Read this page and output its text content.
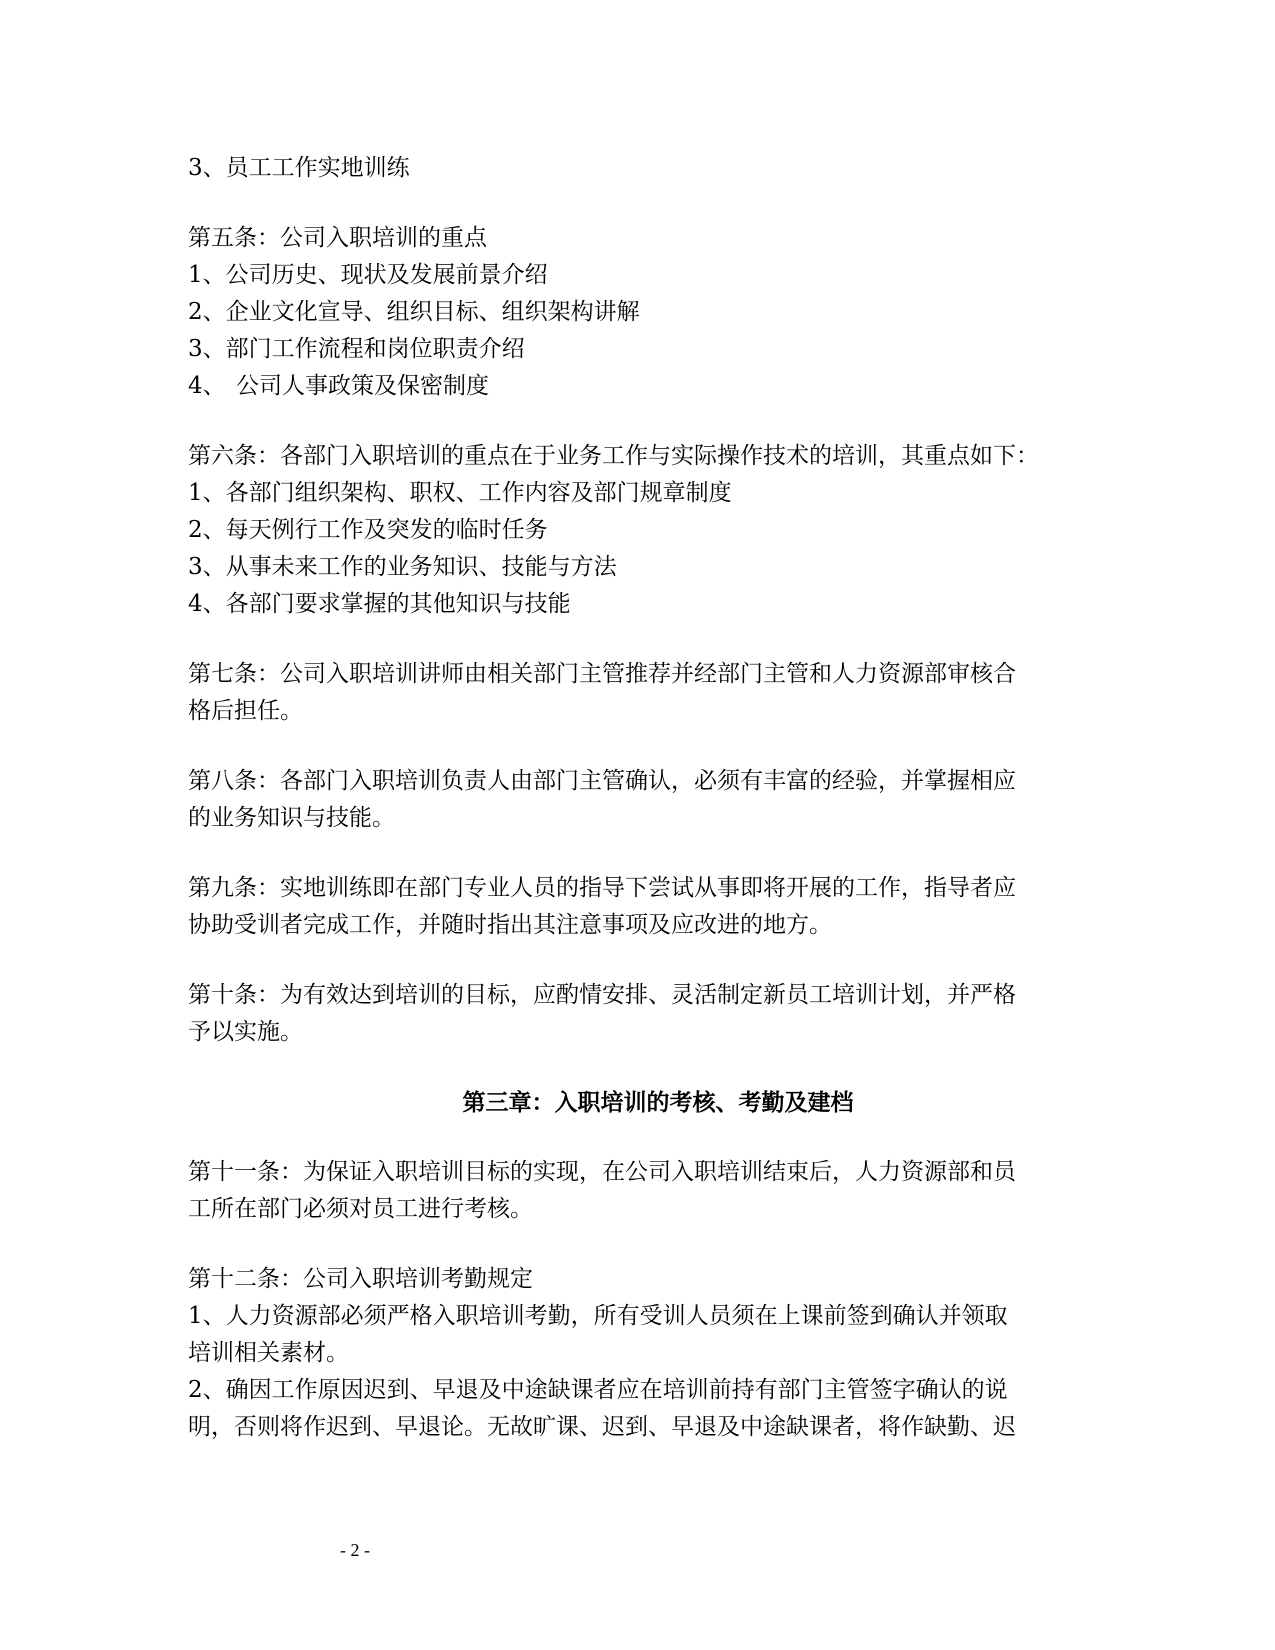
3、员工工作实地训练
第五条：公司入职培训的重点
1、公司历史、现状及发展前景介绍
2、企业文化宣导、组织目标、组织架构讲解
3、部门工作流程和岗位职责介绍
4、 公司人事政策及保密制度
第六条：各部门入职培训的重点在于业务工作与实际操作技术的培训，其重点如下：
1、各部门组织架构、职权、工作内容及部门规章制度
2、每天例行工作及突发的临时任务
3、从事未来工作的业务知识、技能与方法
4、各部门要求掌握的其他知识与技能
第七条：公司入职培训讲师由相关部门主管推荐并经部门主管和人力资源部审核合
格后担任。
第八条：各部门入职培训负责人由部门主管确认，必须有丰富的经验，并掌握相应
的业务知识与技能。
第九条：实地训练即在部门专业人员的指导下尝试从事即将开展的工作，指导者应
协助受训者完成工作，并随时指出其注意事项及应改进的地方。
第十条：为有效达到培训的目标，应酌情安排、灵活制定新员工培训计划，并严格
予以实施。
第三章：入职培训的考核、考勤及建档
第十一条：为保证入职培训目标的实现，在公司入职培训结束后，人力资源部和员
工所在部门必须对员工进行考核。
第十二条：公司入职培训考勤规定
1、人力资源部必须严格入职培训考勤，所有受训人员须在上课前签到确认并领取
培训相关素材。
2、确因工作原因迟到、早退及中途缺课者应在培训前持有部门主管签字确认的说
明，否则将作迟到、早退论。无故旷课、迟到、早退及中途缺课者，将作缺勤、迟
- 2 -
